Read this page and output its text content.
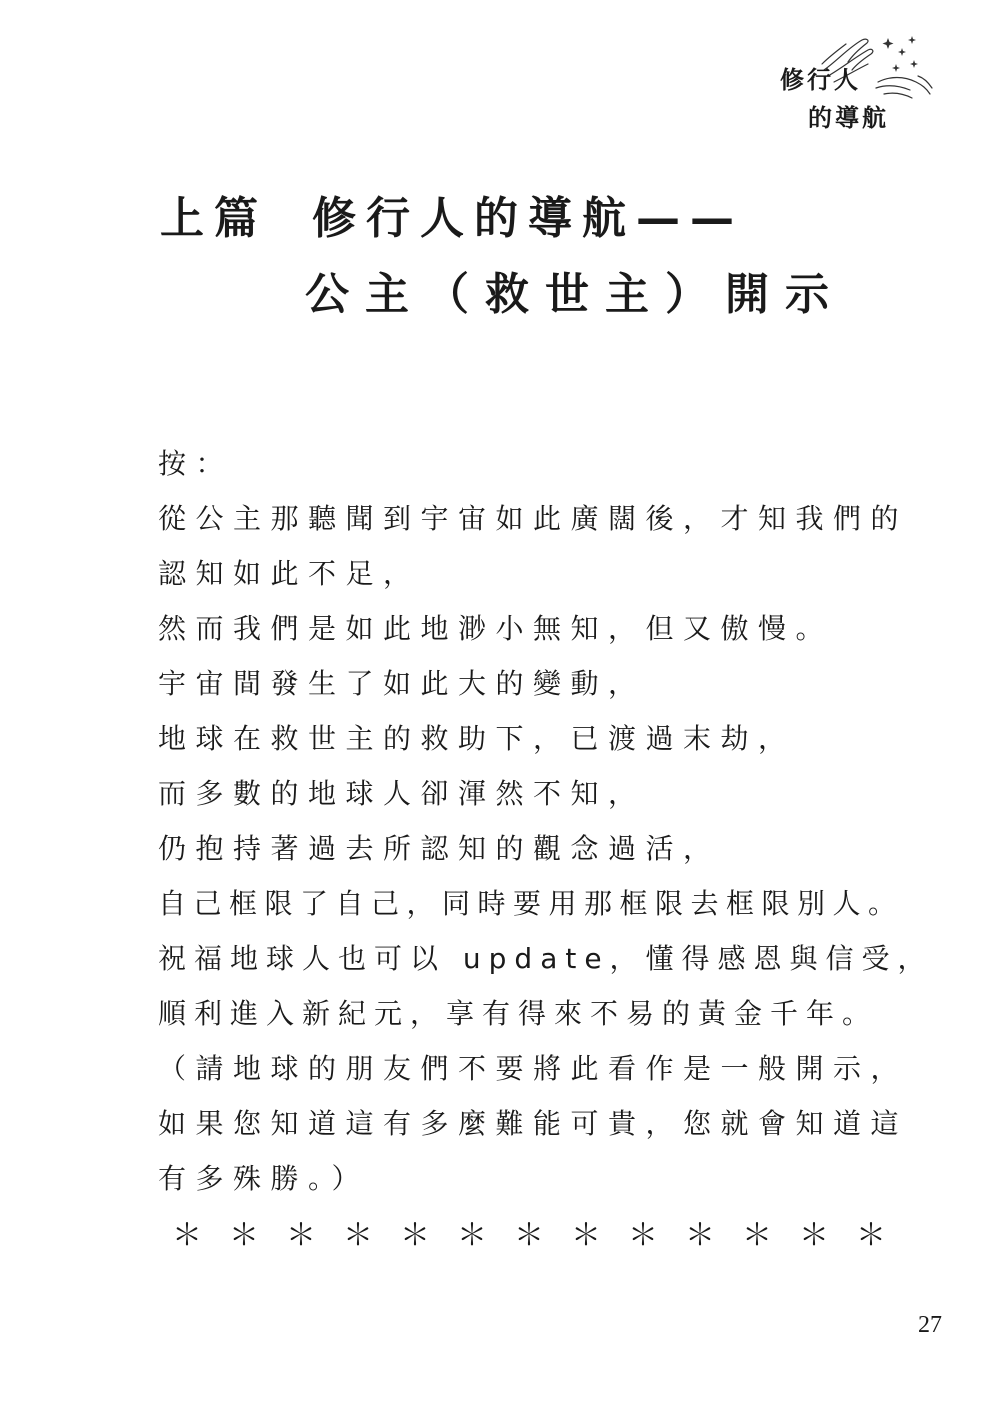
修行人
的導航
上篇 修行人的導航——
公主（救世主）開示
按：
從公主那聽聞到宇宙如此廣闊後，才知我們的
認知如此不足，
然而我們是如此地渺小無知，但又傲慢。
宇宙間發生了如此大的變動，
地球在救世主的救助下，已渡過末劫，
而多數的地球人卻渾然不知，
仍抱持著過去所認知的觀念過活，
自己框限了自己，同時要用那框限去框限別人。
祝福地球人也可以 update，懂得感恩與信受，
順利進入新紀元，享有得來不易的黃金千年。
（請地球的朋友們不要將此看作是一般開示，
如果您知道這有多麼難能可貴，您就會知道這
有多殊勝。）
＊＊＊＊＊＊＊＊＊＊＊＊＊
27
